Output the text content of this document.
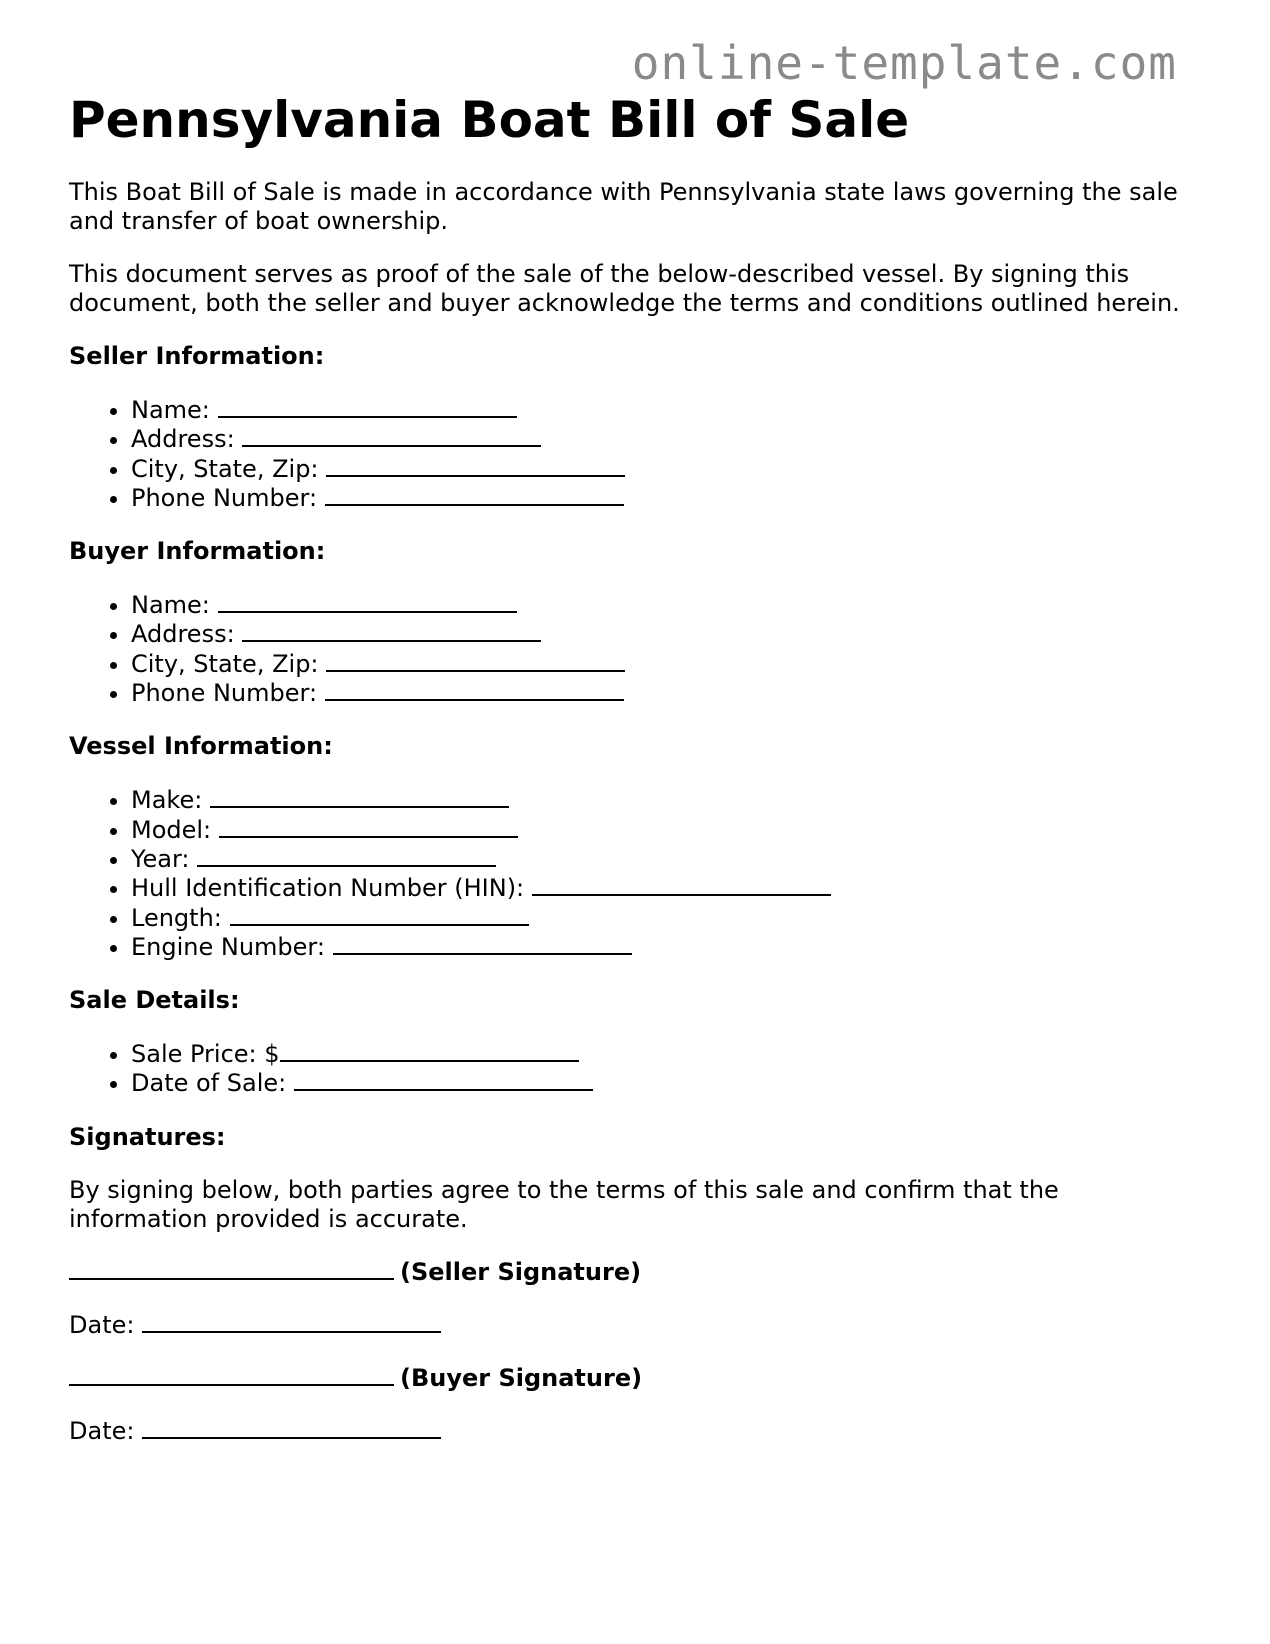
online-template.com
Pennsylvania Boat Bill of Sale

This Boat Bill of Sale is made in accordance with Pennsylvania state laws governing the sale and transfer of boat ownership.

This document serves as proof of the sale of the below-described vessel. By signing this document, both the seller and buyer acknowledge the terms and conditions outlined herein.

Seller Information:
• Name:
• Address:
• City, State, Zip:
• Phone Number:
Buyer Information:
• Name:
• Address:
• City, State, Zip:
• Phone Number:
Vessel Information:
• Make:
• Model:
• Year:
• Hull Identification Number (HIN):
• Length:
• Engine Number:
Sale Details:
• Sale Price: $
• Date of Sale:
Signatures:

By signing below, both parties agree to the terms of this sale and confirm that the information provided is accurate.

(Seller Signature)
Date:
(Buyer Signature)
Date:
